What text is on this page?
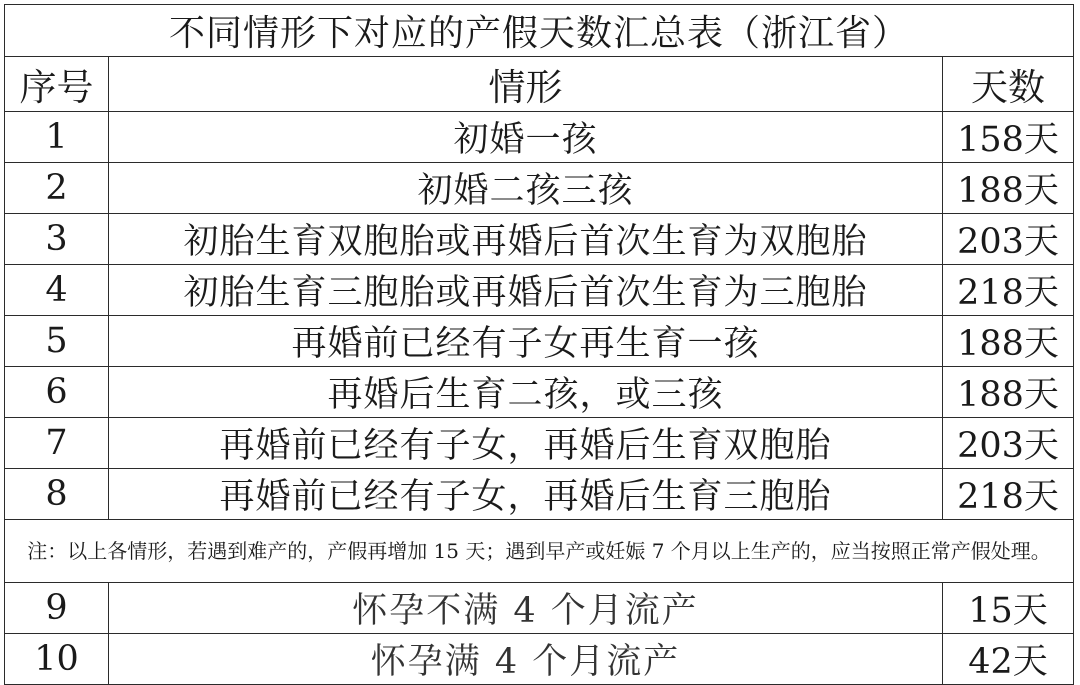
不同情形下对应的产假天数汇总表（浙江省）		
序号	情形	天数
1	初婚一孩	158天
2	初婚二孩三孩	188天
3	初胎生育双胞胎或再婚后首次生育为双胞胎	203天
4	初胎生育三胞胎或再婚后首次生育为三胞胎	218天
5	再婚前已经有子女再生育一孩	188天
6	再婚后生育二孩，或三孩	188天
7	再婚前已经有子女，再婚后生育双胞胎	203天
8	再婚前已经有子女，再婚后生育三胞胎	218天
注：以上各情形，若遇到难产的，产假再增加 15 天；遇到早产或妊娠 7 个月以上生产的，应当按照正常产假处理。		
9	怀孕不满 4 个月流产	15天
10	怀孕满 4 个月流产	42天
